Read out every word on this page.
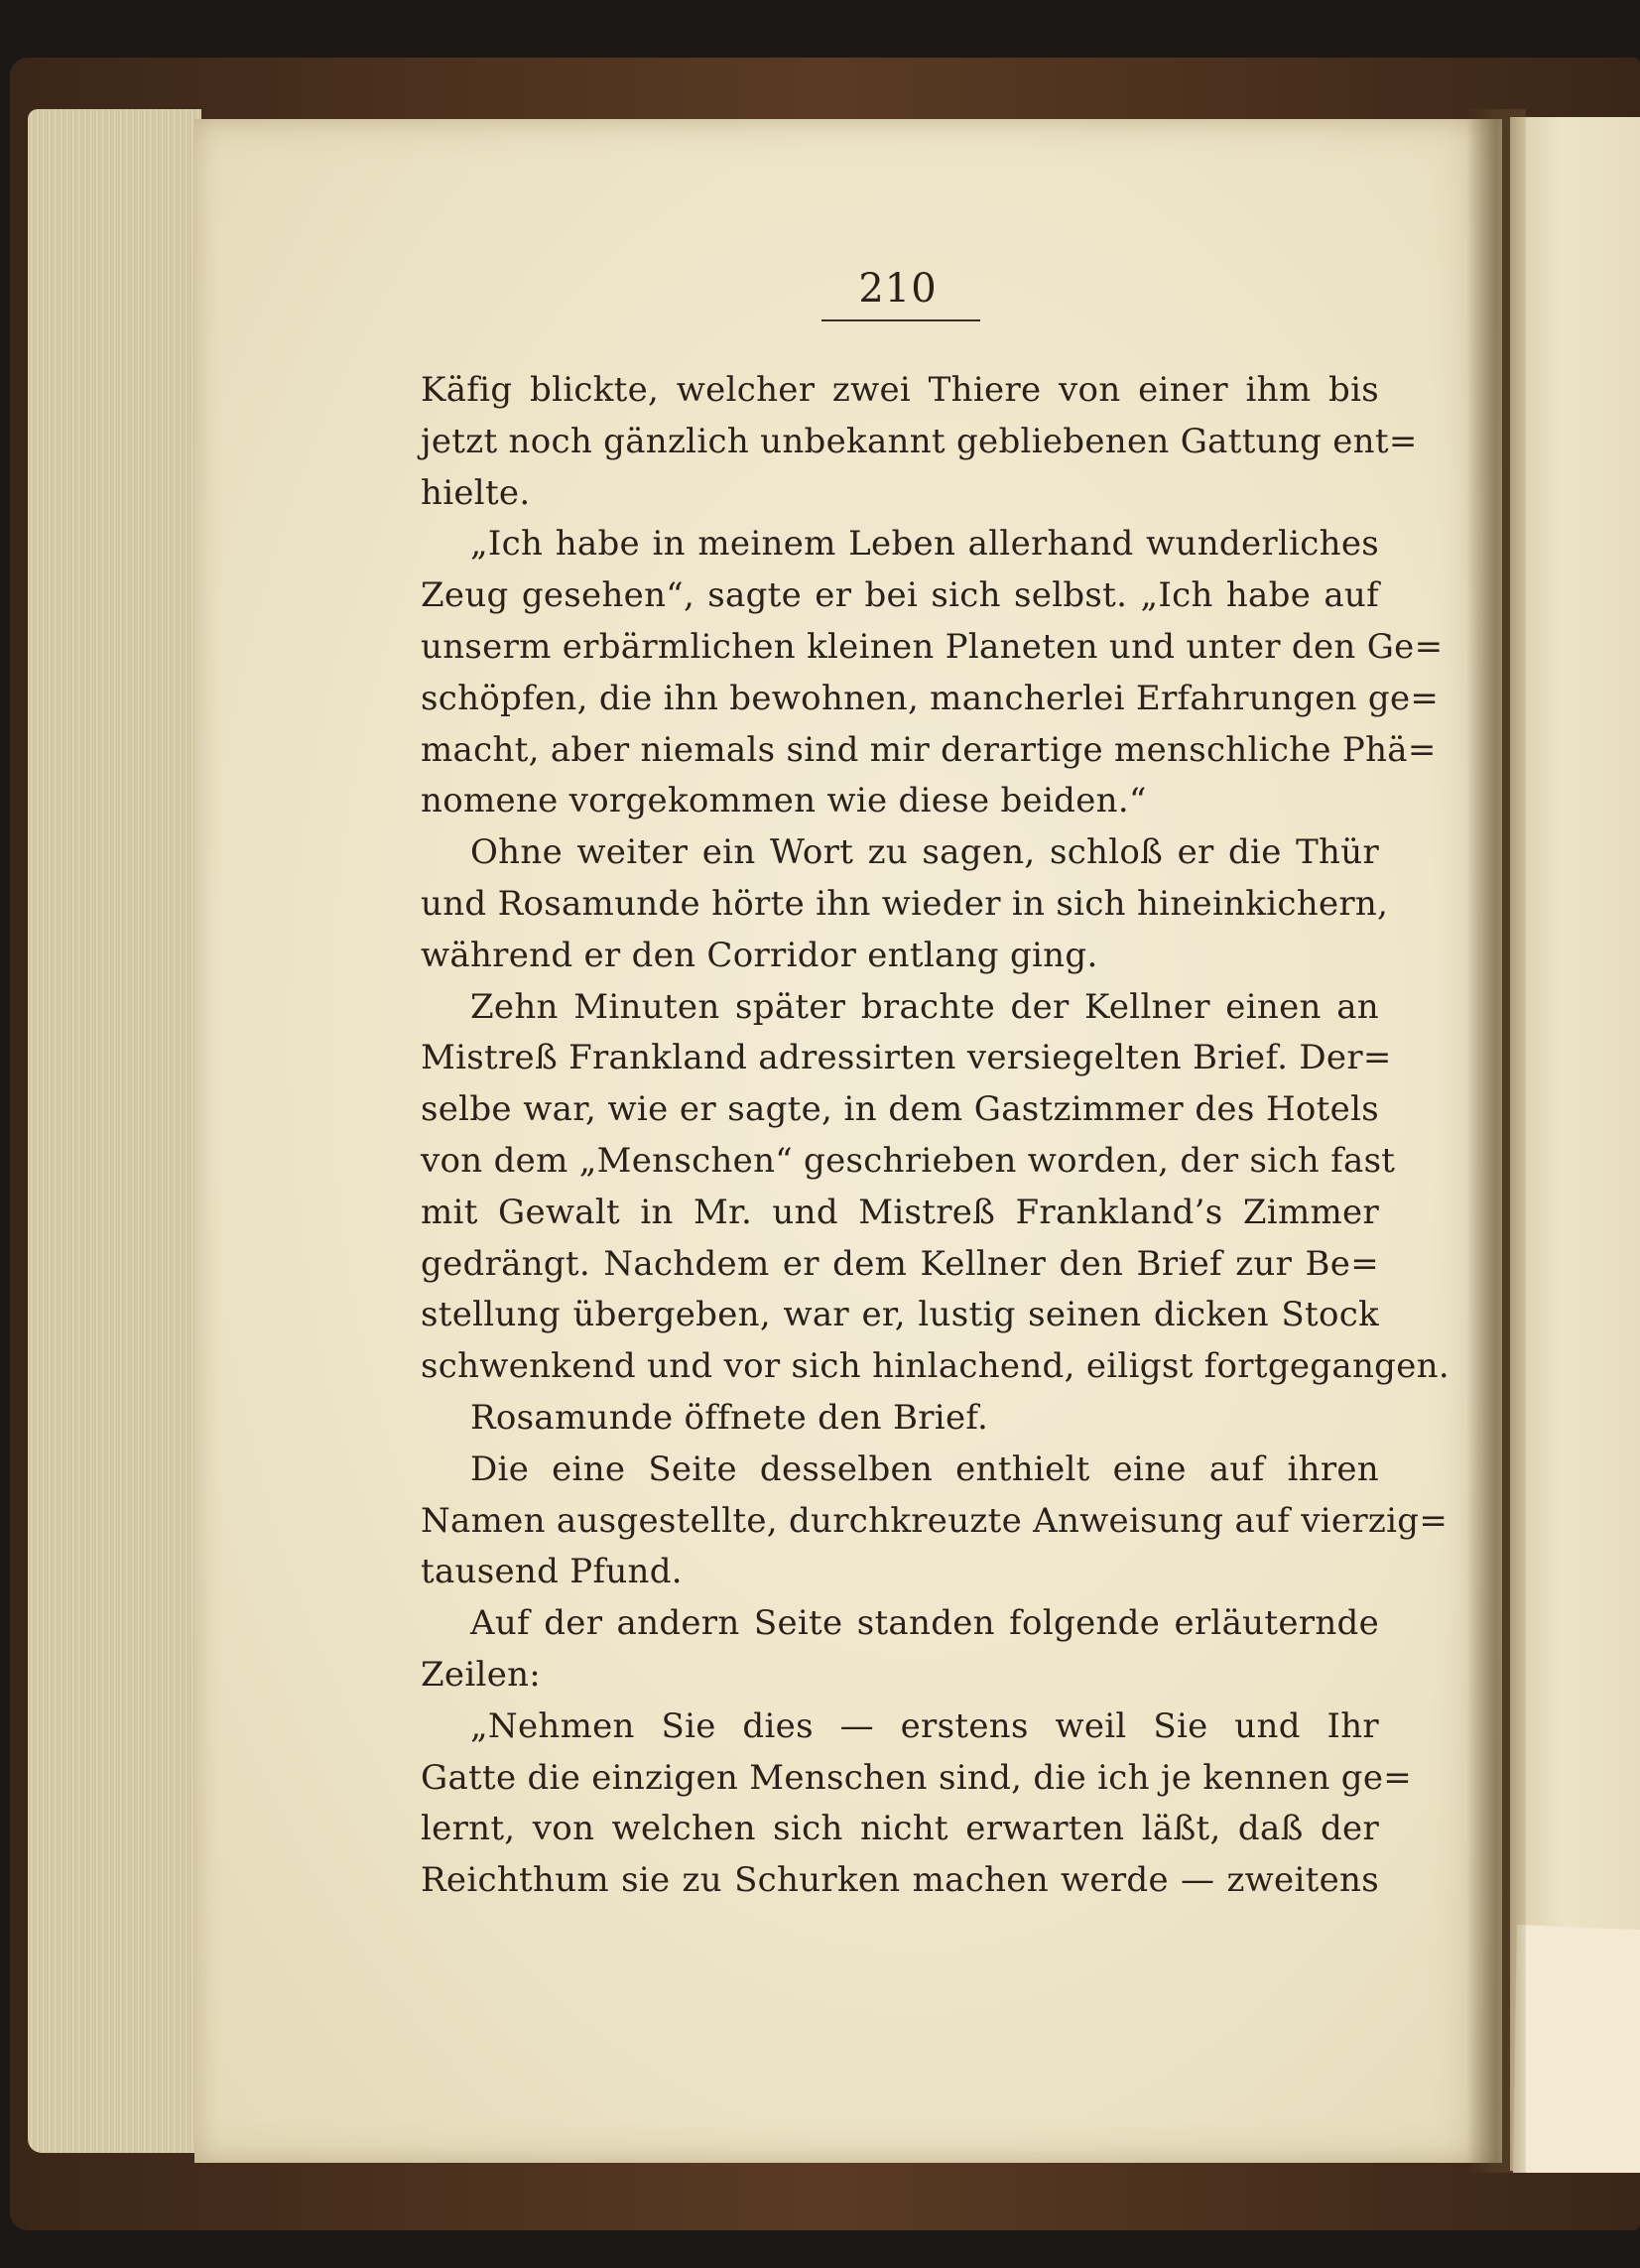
210
Käfig blickte, welcher zwei Thiere von einer ihm bis
jetzt noch gänzlich unbekannt gebliebenen Gattung ent=
hielte.
„Ich habe in meinem Leben allerhand wunderliches
Zeug gesehen“, sagte er bei sich selbst. „Ich habe auf
unserm erbärmlichen kleinen Planeten und unter den Ge=
schöpfen, die ihn bewohnen, mancherlei Erfahrungen ge=
macht, aber niemals sind mir derartige menschliche Phä=
nomene vorgekommen wie diese beiden.“
Ohne weiter ein Wort zu sagen, schloß er die Thür
und Rosamunde hörte ihn wieder in sich hineinkichern,
während er den Corridor entlang ging.
Zehn Minuten später brachte der Kellner einen an
Mistreß Frankland adressirten versiegelten Brief. Der=
selbe war, wie er sagte, in dem Gastzimmer des Hotels
von dem „Menschen“ geschrieben worden, der sich fast
mit Gewalt in Mr. und Mistreß Frankland’s Zimmer
gedrängt. Nachdem er dem Kellner den Brief zur Be=
stellung übergeben, war er, lustig seinen dicken Stock
schwenkend und vor sich hinlachend, eiligst fortgegangen.
Rosamunde öffnete den Brief.
Die eine Seite desselben enthielt eine auf ihren
Namen ausgestellte, durchkreuzte Anweisung auf vierzig=
tausend Pfund.
Auf der andern Seite standen folgende erläuternde
Zeilen:
„Nehmen Sie dies — erstens weil Sie und Ihr
Gatte die einzigen Menschen sind, die ich je kennen ge=
lernt, von welchen sich nicht erwarten läßt, daß der
Reichthum sie zu Schurken machen werde — zweitens
